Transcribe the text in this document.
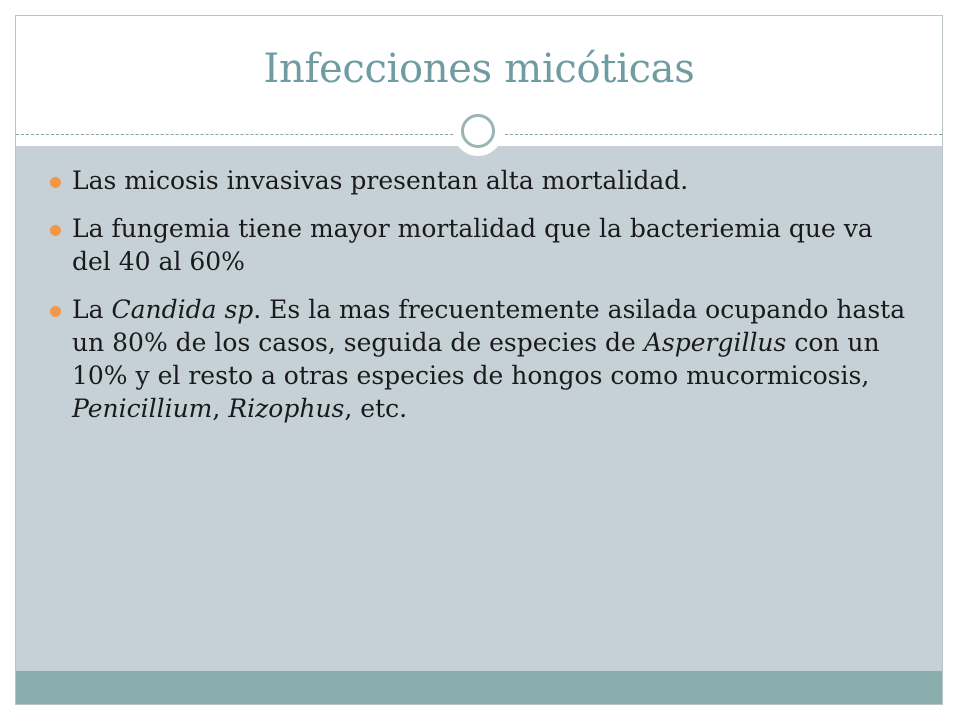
Infecciones micóticas
Las micosis invasivas presentan alta mortalidad.
La fungemia tiene mayor mortalidad que la bacteriemia que va del 40 al 60%
La Candida sp. Es la mas frecuentemente asilada ocupando hasta un 80% de los casos, seguida de especies de Aspergillus con un 10% y el resto a otras especies de hongos como mucormicosis, Penicillium, Rizophus, etc.
